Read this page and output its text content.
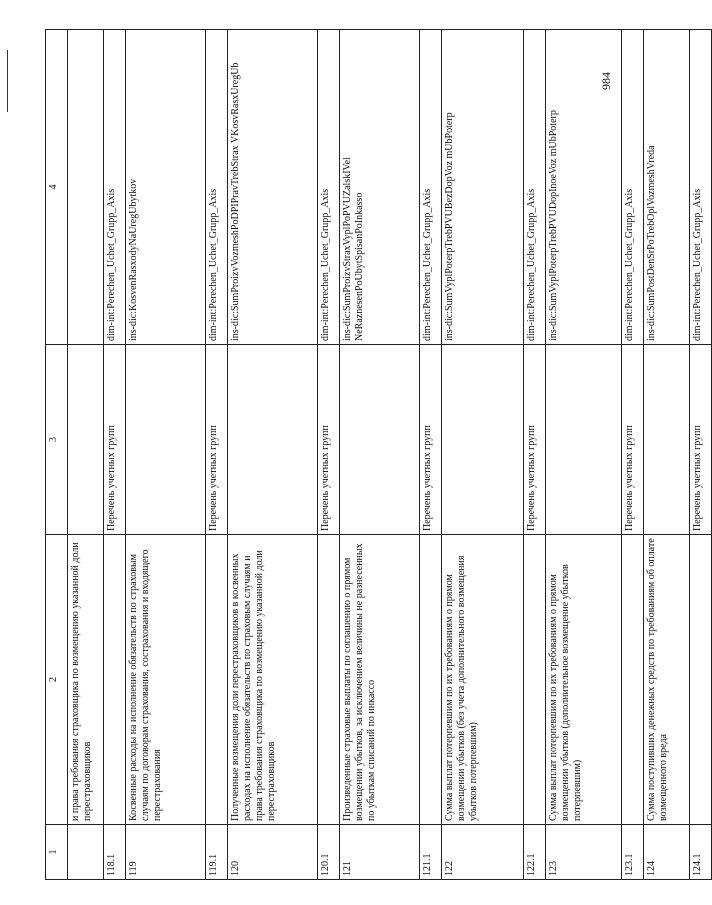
984
1	2	3	4
	и права требования страховщика по возмещению указанной доли перестраховщиков		
118.1		Перечень учетных групп	dim-int:Perechen_Uchet_Grupp_Axis
119	Косвенные расходы на исполнение обязательств по страховым случаям по договорам страхования, сострахования и входящего перестрахования		ins-dic:KosvenRasxodyNaUregUbytkov
119.1		Перечень учетных групп	dim-int:Perechen_Uchet_Grupp_Axis
120	Полученные возмещения доли перестраховщиков в косвенных расходах на исполнение обязательств по страховым случаям и права требования страховщика по возмещению указанной доли перестраховщиков		ins-dic:SumProizvVozmeshPoDPIPravTrebStrax VKosvRasxUregUb
120.1		Перечень учетных групп	dim-int:Perechen_Uchet_Grupp_Axis
121	Произведенные страховые выплаты по соглашению о прямом возмещении убытков, за исключением величины не разнесенных по убыткам списаний по инкассо		ins-dic:SumProizvStraxVyplPoPVUZalskIVel NeRaznesenPoUbytSpisanPoInkasso
121.1		Перечень учетных групп	dim-int:Perechen_Uchet_Grupp_Axis
122	Сумма выплат потерпевшим по их требованиям о прямом возмещении убытков (без учета дополнительного возмещения убытков потерпевшим)		ins-dic:SumVyplPoterpTrebPVUBezDopVoz mUbPoterp
122.1		Перечень учетных групп	dim-int:Perechen_Uchet_Grupp_Axis
123	Сумма выплат потерпевшим по их требованиям о прямом возмещении убытков (дополнительное возмещение убытков потерпевшим)		ins-dic:SumVyplPoterpTrebPVUDopInoeVoz mUbPoterp
123.1		Перечень учетных групп	dim-int:Perechen_Uchet_Grupp_Axis
124	Сумма поступивших денежных средств по требованиям об оплате возмещенного вреда		ins-dic:SumPostDenSrPoTrebOplVozmeshVreda
124.1		Перечень учетных групп	dim-int:Perechen_Uchet_Grupp_Axis
